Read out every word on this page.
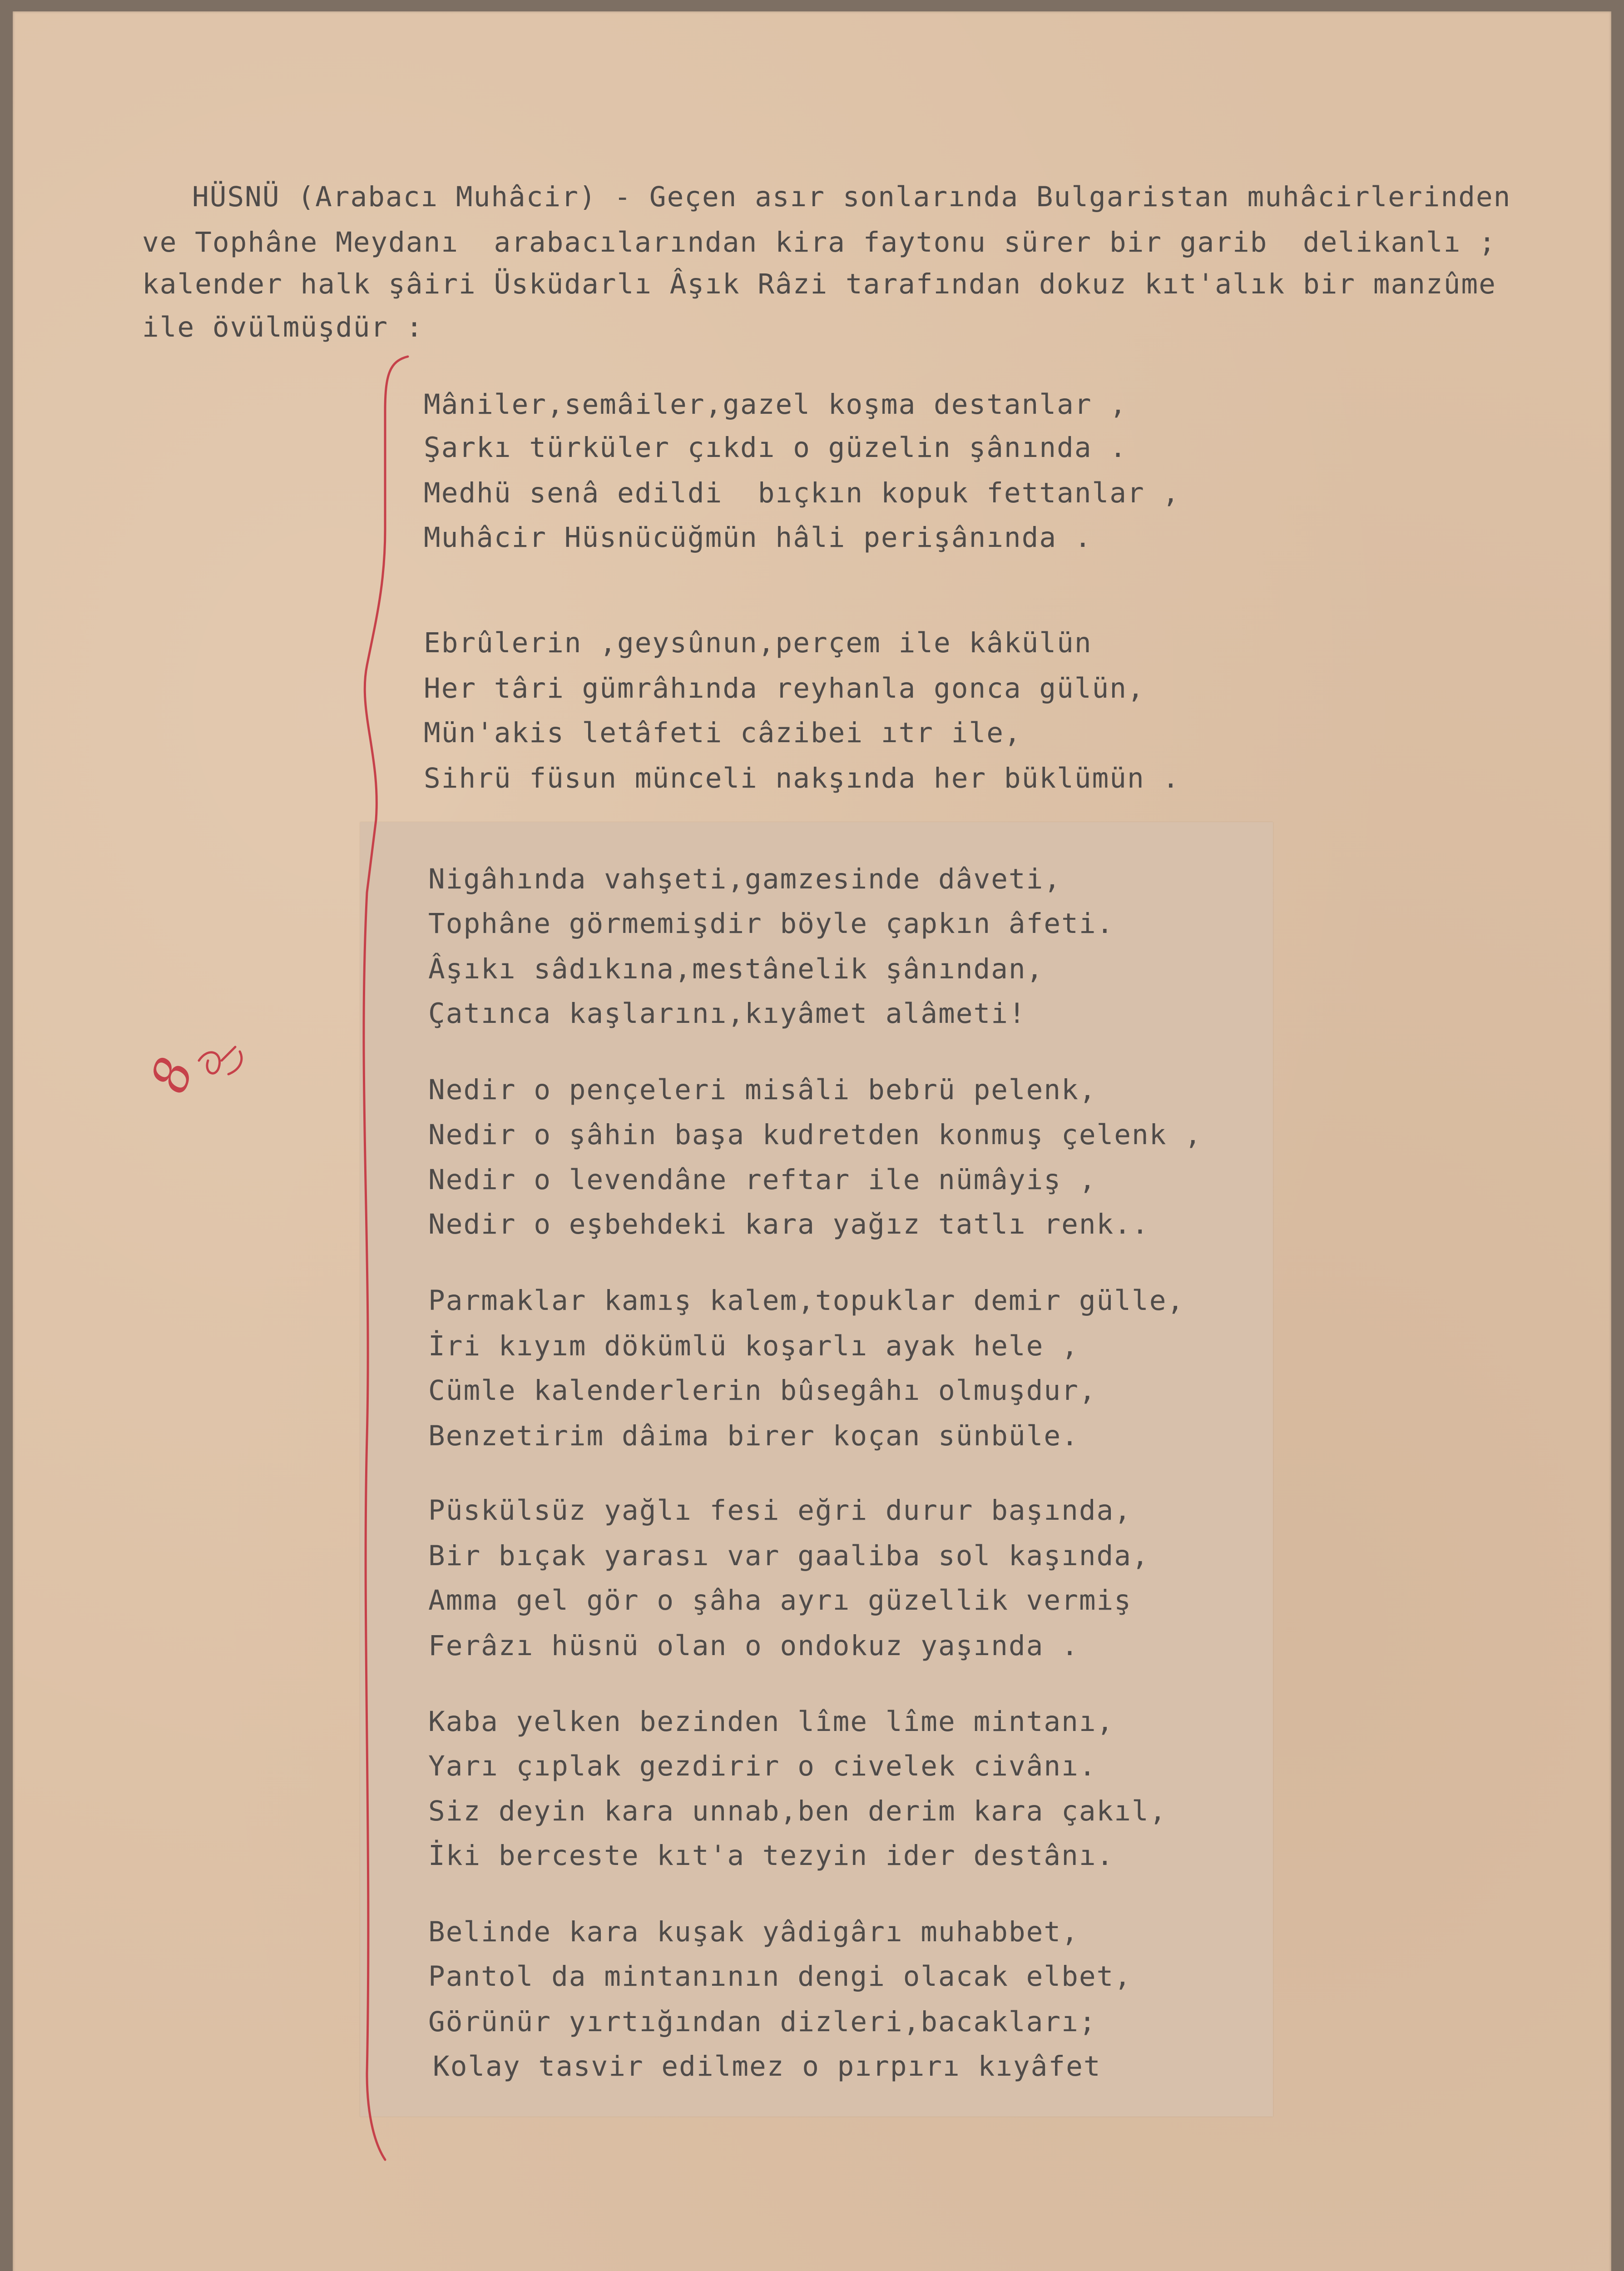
HÜSNÜ (Arabacı Muhâcir) - Geçen asır sonlarında Bulgaristan muhâcirlerinden
ve Tophâne Meydanı  arabacılarından kira faytonu sürer bir garib  delikanlı ;
kalender halk şâiri Üsküdarlı Âşık Râzi tarafından dokuz kıt'alık bir manzûme
ile övülmüşdür :
Mâniler,semâiler,gazel koşma destanlar ,
Şarkı türküler çıkdı o güzelin şânında .
Medhü senâ edildi  bıçkın kopuk fettanlar ,
Muhâcir Hüsnücüğmün hâli perişânında .
Ebrûlerin ,geysûnun,perçem ile kâkülün
Her târi gümrâhında reyhanla gonca gülün,
Mün'akis letâfeti câzibei ıtr ile,
Sihrü füsun münceli nakşında her büklümün .
Nigâhında vahşeti,gamzesinde dâveti,
Tophâne görmemişdir böyle çapkın âfeti.
Âşıkı sâdıkına,mestânelik şânından,
Çatınca kaşlarını,kıyâmet alâmeti!
Nedir o pençeleri misâli bebrü pelenk,
Nedir o şâhin başa kudretden konmuş çelenk ,
Nedir o levendâne reftar ile nümâyiş ,
Nedir o eşbehdeki kara yağız tatlı renk..
Parmaklar kamış kalem,topuklar demir gülle,
İri kıyım dökümlü koşarlı ayak hele ,
Cümle kalenderlerin bûsegâhı olmuşdur,
Benzetirim dâima birer koçan sünbüle.
Püskülsüz yağlı fesi eğri durur başında,
Bir bıçak yarası var gaaliba sol kaşında,
Amma gel gör o şâha ayrı güzellik vermiş
Ferâzı hüsnü olan o ondokuz yaşında .
Kaba yelken bezinden lîme lîme mintanı,
Yarı çıplak gezdirir o civelek civânı.
Siz deyin kara unnab,ben derim kara çakıl,
İki berceste kıt'a tezyin ider destânı.
Belinde kara kuşak yâdigârı muhabbet,
Pantol da mintanının dengi olacak elbet,
Görünür yırtığından dizleri,bacakları;
Kolay tasvir edilmez o pırpırı kıyâfet
8
